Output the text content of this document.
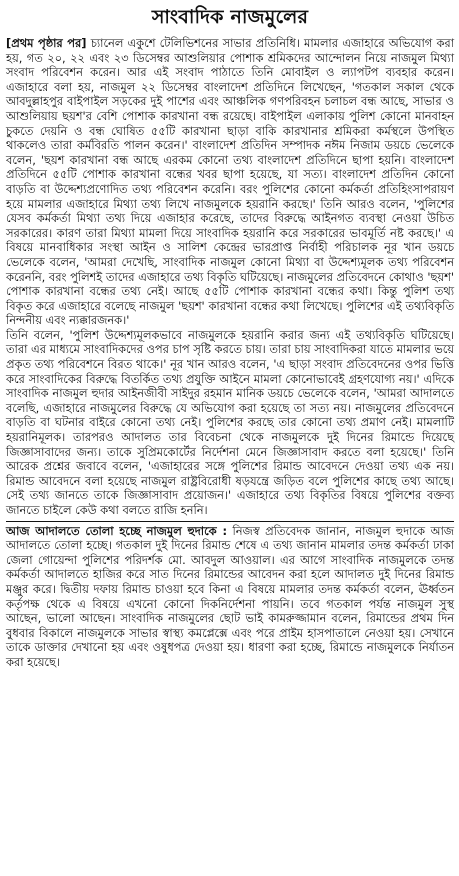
সাংবাদিক নাজমুলের

[প্রথম পৃষ্ঠার পর] চ্যানেল একুশে টেলিভিশনের সাভার প্রতিনিধি। মামলার এজাহারে অভিযোগ করা হয়, গত ২০, ২২ এবং ২৩ ডিসেম্বর আশুলিয়ার পোশাক শ্রমিকদের আন্দোলন নিয়ে নাজমুল মিথ্যা সংবাদ পরিবেশন করেন। আর এই সংবাদ পাঠাতে তিনি মোবাইল ও ল্যাপটপ ব্যবহার করেন। এজাহারে বলা হয়, নাজমুল ২২ ডিসেম্বর বাংলাদেশ প্রতিদিনে লিখেছেন, 'গতকাল সকাল থেকে আবদুল্লাহপুর বাইপাইল সড়কের দুই পাশের এবং আঞ্চলিক গণপরিবহন চলাচল বন্ধ আছে, সাভার ও আশুলিয়ায় ছয়শ'র বেশি পোশাক কারখানা বন্ধ রয়েছে। বাইপাইল এলাকায় পুলিশ কোনো মানবাহন চুকতে দেয়নি ও বন্ধ ঘোষিত ৫৫টি কারখানা ছাড়া বাকি কারখানার শ্রমিকরা কর্মস্থলে উপস্থিত থাকলেও তারা কর্মবিরতি পালন করেন।' বাংলাদেশ প্রতিদিন সম্পাদক নঈম নিজাম ডয়চে ভেলেকে বলেন, 'ছয়শ কারখানা বন্ধ আছে এরকম কোনো তথ্য বাংলাদেশ প্রতিদিনে ছাপা হয়নি। বাংলাদেশ প্রতিদিনে ৫৫টি পোশাক কারখানা বন্ধের খবর ছাপা হয়েছে, যা সত্য। বাংলাদেশ প্রতিদিন কোনো বাড়তি বা উদ্দেশ্যপ্রণোদিত তথ্য পরিবেশন করেনি। বরং পুলিশের কোনো কর্মকর্তা প্রতিহিংসাপরায়ণ হয়ে মামলার এজাহারে মিথ্যা তথ্য লিখে নাজমুলকে হয়রানি করছে।' তিনি আরও বলেন, 'পুলিশের যেসব কর্মকর্তা মিথ্যা তথ্য দিয়ে এজাহার করেছে, তাদের বিরুদ্ধে আইনগত ব্যবস্থা নেওয়া উচিত সরকারের। কারণ তারা মিথ্যা মামলা দিয়ে সাংবাদিক হয়রানি করে সরকারের ভাবমূর্তি নষ্ট করছে।' এ বিষয়ে মানবাধিকার সংস্থা আইন ও সালিশ কেন্দ্রের ভারপ্রাপ্ত নির্বাহী পরিচালক নূর খান ডয়চে ভেলেকে বলেন, 'আমরা দেখেছি, সাংবাদিক নাজমুল কোনো মিথ্যা বা উদ্দেশ্যমূলক তথ্য পরিবেশন করেননি, বরং পুলিশই তাদের এজাহারে তথ্য বিকৃতি ঘটিয়েছে। নাজমুলের প্রতিবেদনে কোথাও 'ছয়শ' পোশাক কারখানা বন্ধের তথ্য নেই। আছে ৫৫টি পোশাক কারখানা বন্ধের কথা। কিন্তু পুলিশ তথ্য বিকৃত করে এজাহারে বলেছে নাজমুল 'ছয়শ' কারখানা বন্ধের কথা লিখেছে। পুলিশের এই তথ্যবিকৃতি নিন্দনীয় এবং ন্যক্কারজনক।'

তিনি বলেন, 'পুলিশ উদ্দেশ্যমূলকভাবে নাজমুলকে হয়রানি করার জন্য এই তথ্যবিকৃতি ঘটিয়েছে। তারা এর মাধ্যমে সাংবাদিকদের ওপর চাপ সৃষ্টি করতে চায়। তারা চায় সাংবাদিকরা যাতে মামলার ভয়ে প্রকৃত তথ্য পরিবেশনে বিরত থাকে।' নূর খান আরও বলেন, 'এ ছাড়া সংবাদ প্রতিবেদনের ওপর ভিত্তি করে সাংবাদিকের বিরুদ্ধে বিতর্কিত তথ্য প্রযুক্তি আইনে মামলা কোনোভাবেই গ্রহণযোগ্য নয়।' এদিকে সাংবাদিক নাজমুল হুদার আইনজীবী সাইদুর রহমান মানিক ডয়চে ভেলেকে বলেন, 'আমরা আদালতে বলেছি, এজাহারে নাজমুলের বিরুদ্ধে যে অভিযোগ করা হয়েছে তা সত্য নয়। নাজমুলের প্রতিবেদনে বাড়তি বা ঘটনার বাইরে কোনো তথ্য নেই। পুলিশের করছে তার কোনো তথ্য প্রমাণ নেই। মামলাটি হয়রানিমূলক। তারপরও আদালত তার বিবেচনা থেকে নাজমুলকে দুই দিনের রিমান্ডে দিয়েছে জিজ্ঞাসাবাদের জন্য। তাকে সুপ্রিমকোর্টের নির্দেশনা মেনে জিজ্ঞাসাবাদ করতে বলা হয়েছে।' তিনি আরেক প্রশ্নের জবাবে বলেন, 'এজাহারের সঙ্গে পুলিশের রিমান্ড আবেদনে দেওয়া তথ্য এক নয়। রিমান্ড আবেদনে বলা হয়েছে নাজমুল রাষ্ট্রবিরোধী ষড়যন্ত্রে জড়িত বলে পুলিশের কাছে তথ্য আছে। সেই তথ্য জানতে তাকে জিজ্ঞাসাবাদ প্রয়োজন।' এজাহারে তথ্য বিকৃতির বিষয়ে পুলিশের বক্তব্য জানতে চাইলে কেউ কথা বলতে রাজি হননি।

আজ আদালতে তোলা হচ্ছে নাজমুল হুদাকে : নিজস্ব প্রতিবেদক জানান, নাজমুল হুদাকে আজ আদালতে তোলা হচ্ছে। গতকাল দুই দিনের রিমান্ড শেষে এ তথ্য জানান মামলার তদন্ত কর্মকর্তা ঢাকা জেলা গোয়েন্দা পুলিশের পরিদর্শক মো. আবদুল আওয়াল। এর আগে সাংবাদিক নাজমুলকে তদন্ত কর্মকর্তা আদালতে হাজির করে সাত দিনের রিমান্ডের আবেদন করা হলে আদালত দুই দিনের রিমান্ড মঞ্জুর করে। দ্বিতীয় দফায় রিমান্ড চাওয়া হবে কিনা এ বিষয়ে মামলার তদন্ত কর্মকর্তা বলেন, ঊর্ধ্বতন কর্তৃপক্ষ থেকে এ বিষয়ে এখনো কোনো দিকনির্দেশনা পায়নি। তবে গতকাল পর্যন্ত নাজমুল সুস্থ আছেন, ভালো আছেন। সাংবাদিক নাজমুলের ছোট ভাই কামরুজ্জামান বলেন, রিমান্ডের প্রথম দিন বুধবার বিকালে নাজমুলকে সাভার স্বাস্থ্য কমপ্লেক্সে এবং পরে প্রাইম হাসপাতালে নেওয়া হয়। সেখানে তাকে ডাক্তার দেখানো হয় এবং ওষুধপত্র দেওয়া হয়। ধারণা করা হচ্ছে, রিমান্ডে নাজমুলকে নির্যাতন করা হয়েছে।
